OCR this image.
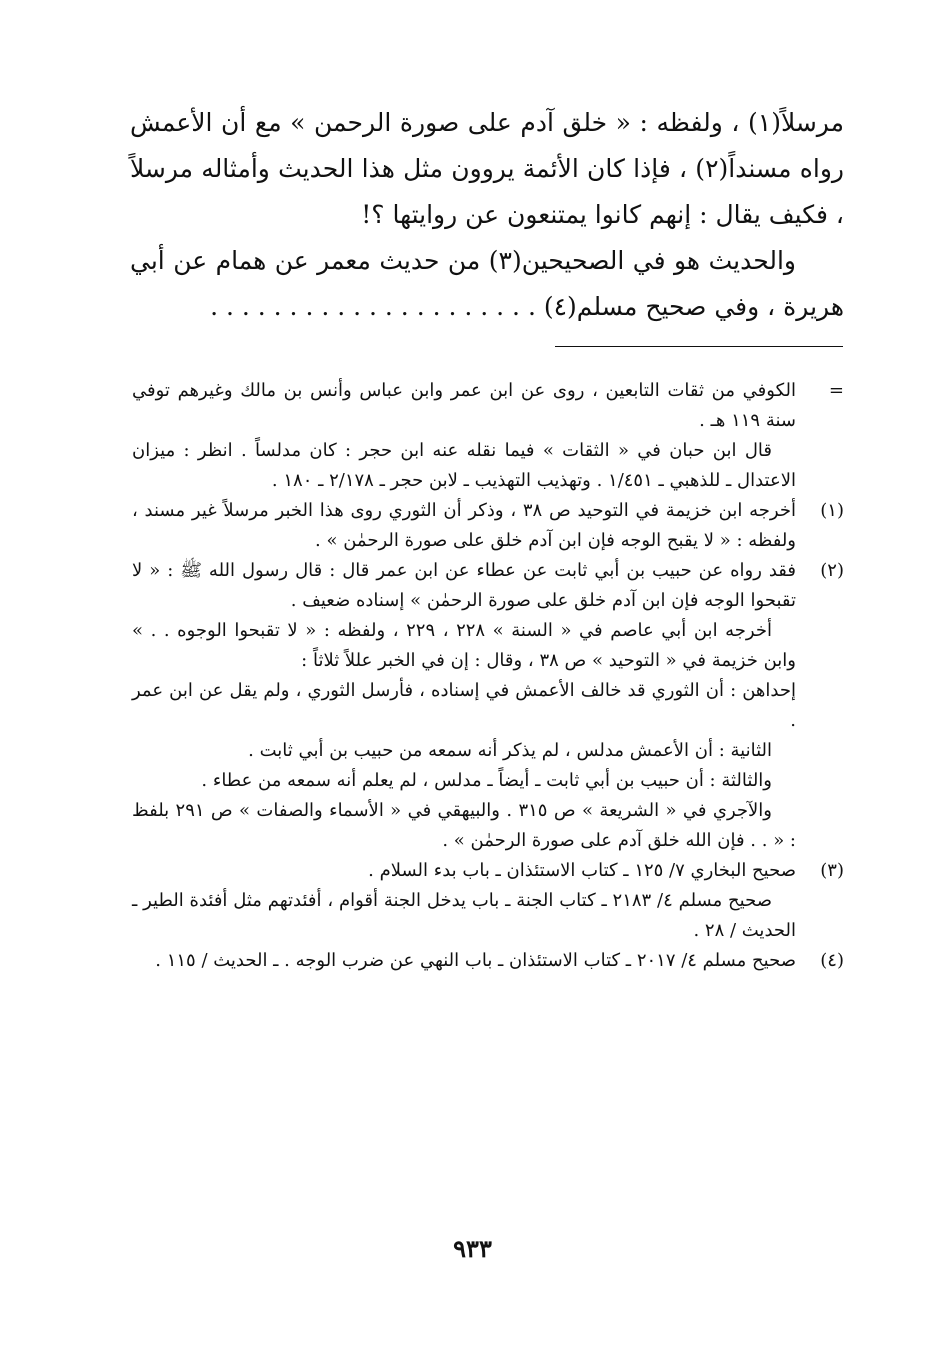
مرسلاً(١) ، ولفظه : « خلق آدم على صورة الرحمن » مع أن الأعمش رواه مسنداً(٢) ، فإذا كان الأئمة يروون مثل هذا الحديث وأمثاله مرسلاً ، فكيف يقال : إنهم كانوا يمتنعون عن روايتها ؟!

والحديث هو في الصحيحين(٣) من حديث معمر عن همام عن أبي هريرة ، وفي صحيح مسلم(٤) . . . . . . . . . . . . . . . . . . . . .

=

الكوفي من ثقات التابعين ، روى عن ابن عمر وابن عباس وأنس بن مالك وغيرهم توفي سنة ١١٩ هـ .

قال ابن حبان في « الثقات » فيما نقله عنه ابن حجر : كان مدلساً . انظر : ميزان الاعتدال ـ للذهبي ـ ١/٤٥١ . وتهذيب التهذيب ـ لابن حجر ـ ٢/١٧٨ ـ ١٨٠ .

(١)

أخرجه ابن خزيمة في التوحيد ص ٣٨ ، وذكر أن الثوري روى هذا الخبر مرسلاً غير مسند ، ولفظه : « لا يقبح الوجه فإن ابن آدم خلق على صورة الرحمٰن » .

(٢)

فقد رواه عن حبيب بن أبي ثابت عن عطاء عن ابن عمر قال : قال رسول الله ﷺ : « لا تقبحوا الوجه فإن ابن آدم خلق على صورة الرحمٰن » إسناده ضعيف .

أخرجه ابن أبي عاصم في « السنة » ٢٢٨ ، ٢٢٩ ، ولفظه : « لا تقبحوا الوجوه . . » وابن خزيمة في « التوحيد » ص ٣٨ ، وقال : إن في الخبر عللاً ثلاثاً :

إحداهن : أن الثوري قد خالف الأعمش في إسناده ، فأرسل الثوري ، ولم يقل عن ابن عمر .

الثانية : أن الأعمش مدلس ، لم يذكر أنه سمعه من حبيب بن أبي ثابت .

والثالثة : أن حبيب بن أبي ثابت ـ أيضاً ـ مدلس ، لم يعلم أنه سمعه من عطاء .

والآجري في « الشريعة » ص ٣١٥ . والبيهقي في « الأسماء والصفات » ص ٢٩١ بلفظ : « . . فإن الله خلق آدم على صورة الرحمٰن » .

(٣)

صحيح البخاري ٧/ ١٢٥ ـ كتاب الاستئذان ـ باب بدء السلام .

صحيح مسلم ٤/ ٢١٨٣ ـ كتاب الجنة ـ باب يدخل الجنة أقوام ، أفئدتهم مثل أفئدة الطير ـ الحديث / ٢٨ .

(٤)

صحيح مسلم ٤/ ٢٠١٧ ـ كتاب الاستئذان ـ باب النهي عن ضرب الوجه . ـ الحديث / ١١٥ .

٩٣٣
